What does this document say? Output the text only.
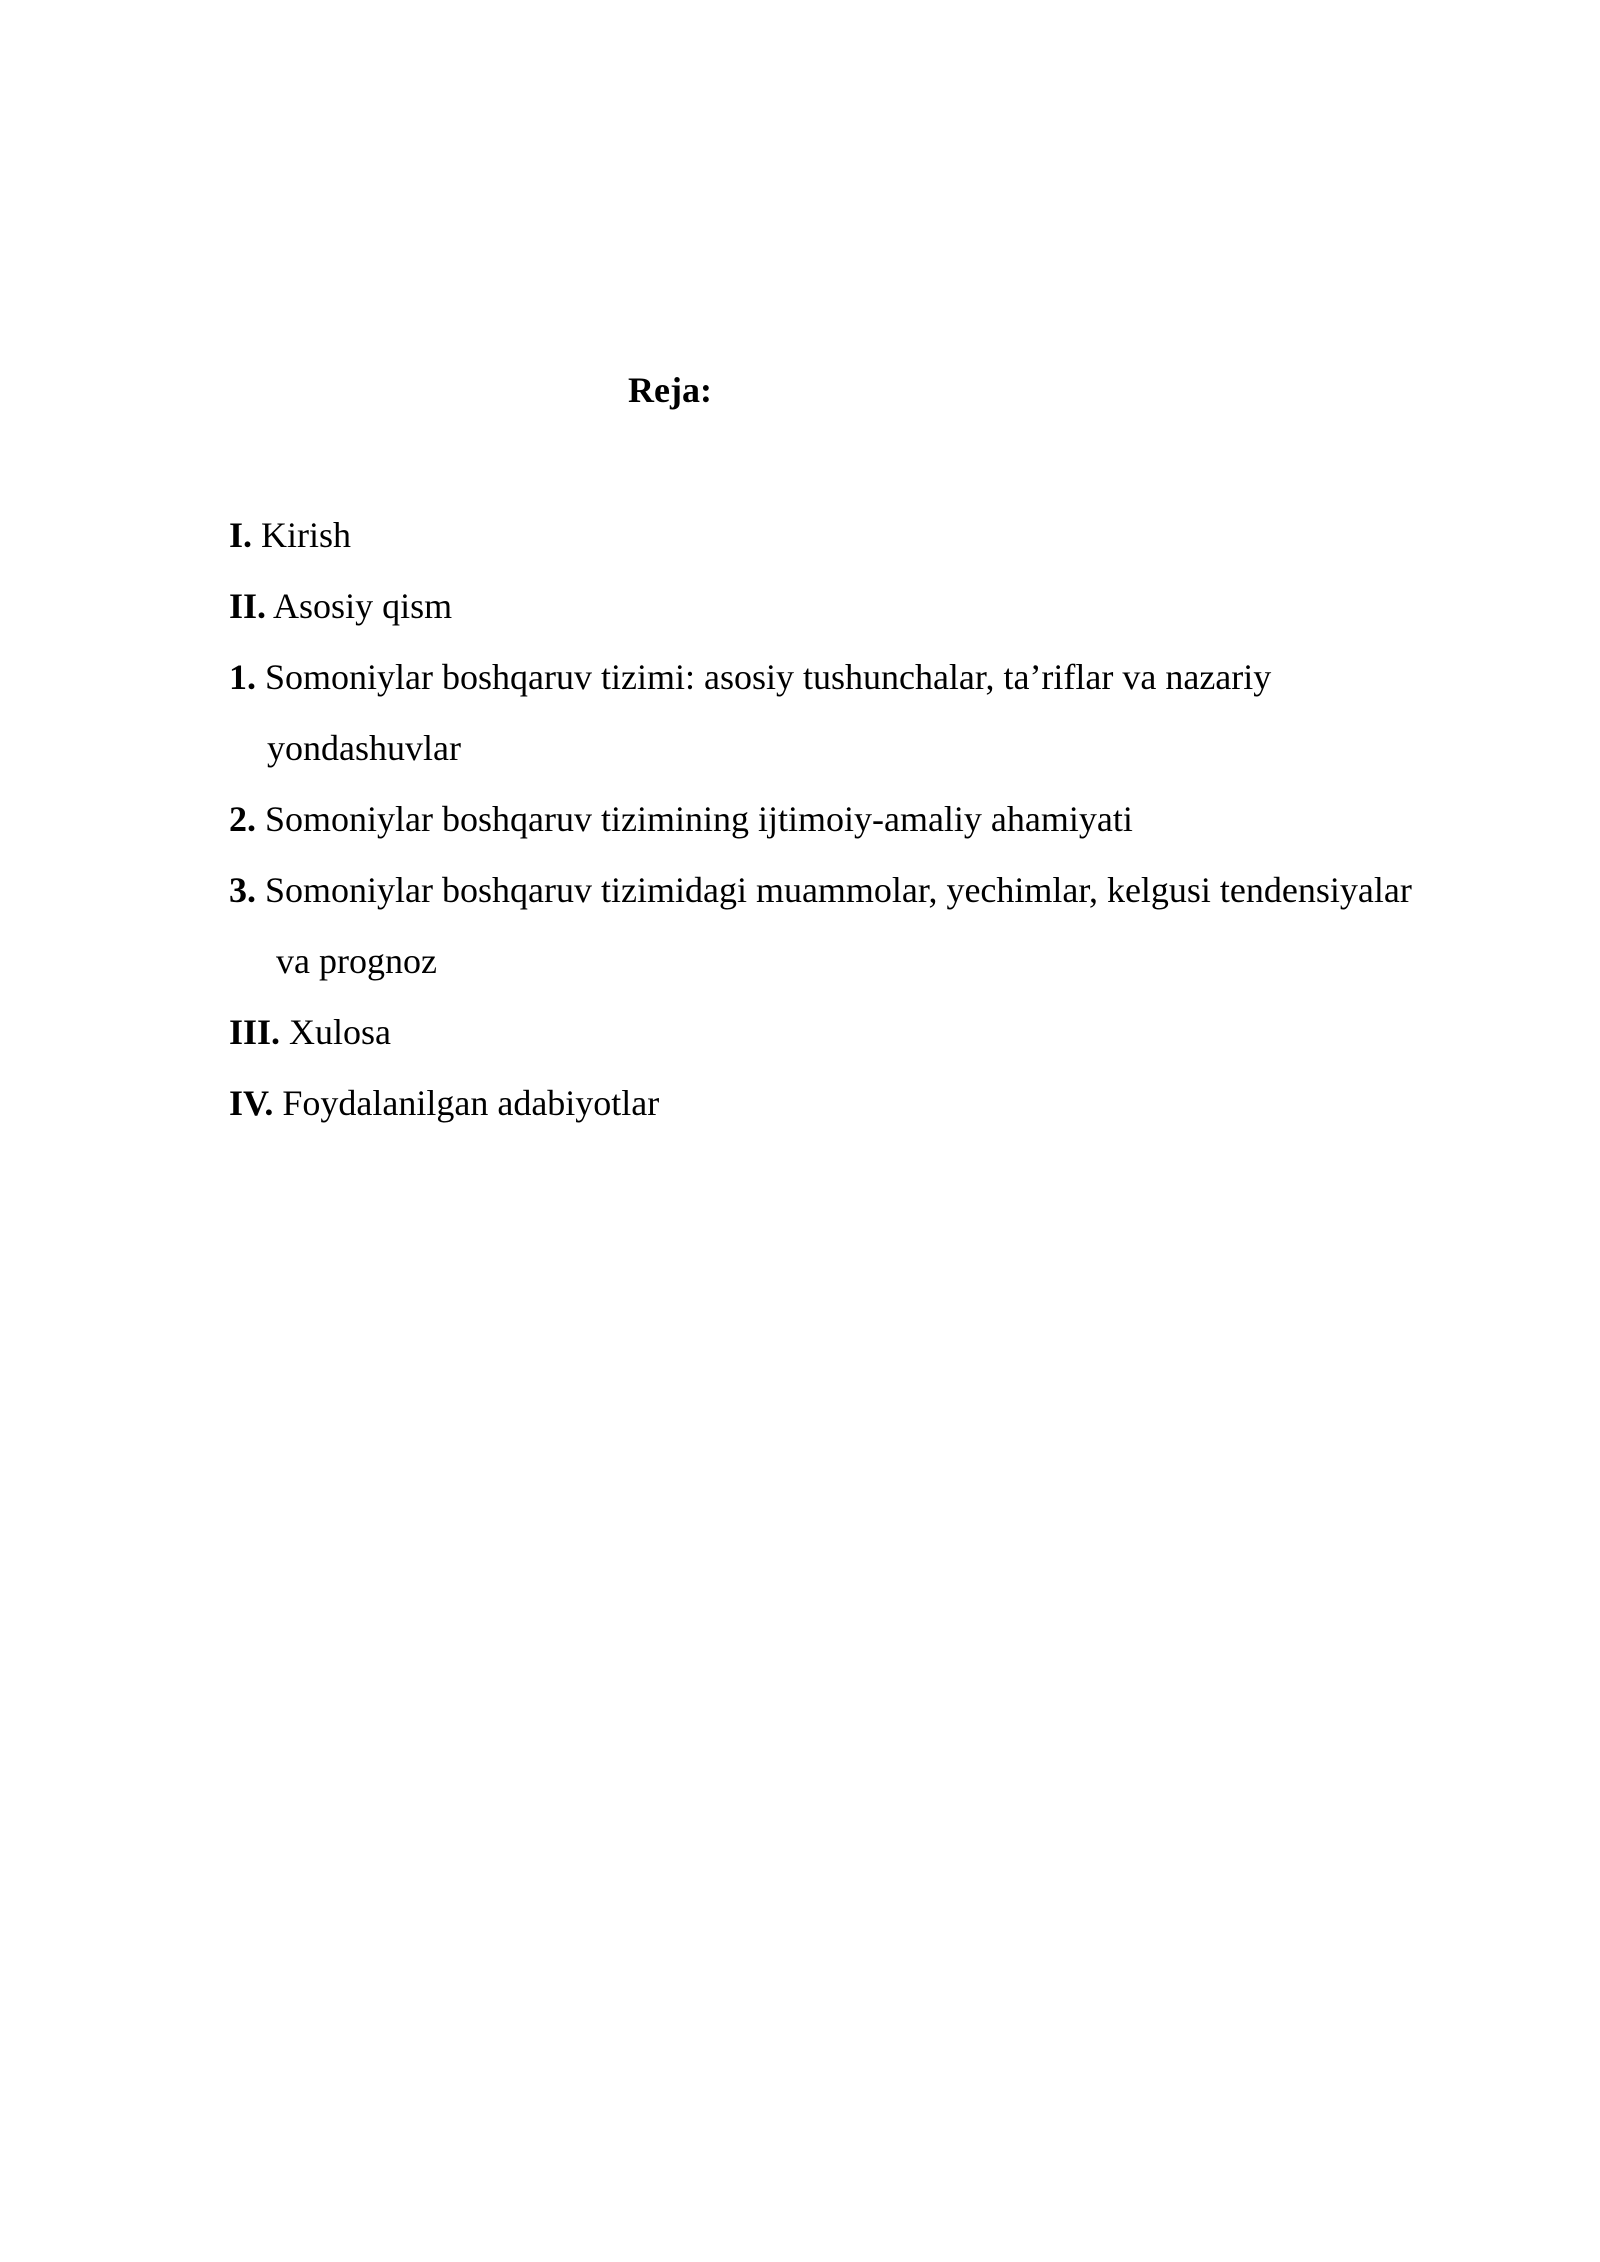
Reja:
I. Kirish
II. Asosiy qism
1. Somoniylar boshqaruv tizimi: asosiy tushunchalar, ta’riflar va nazariy
yondashuvlar
2. Somoniylar boshqaruv tizimining ijtimoiy-amaliy ahamiyati
3. Somoniylar boshqaruv tizimidagi muammolar, yechimlar, kelgusi tendensiyalar
va prognoz
III. Xulosa
IV. Foydalanilgan adabiyotlar
